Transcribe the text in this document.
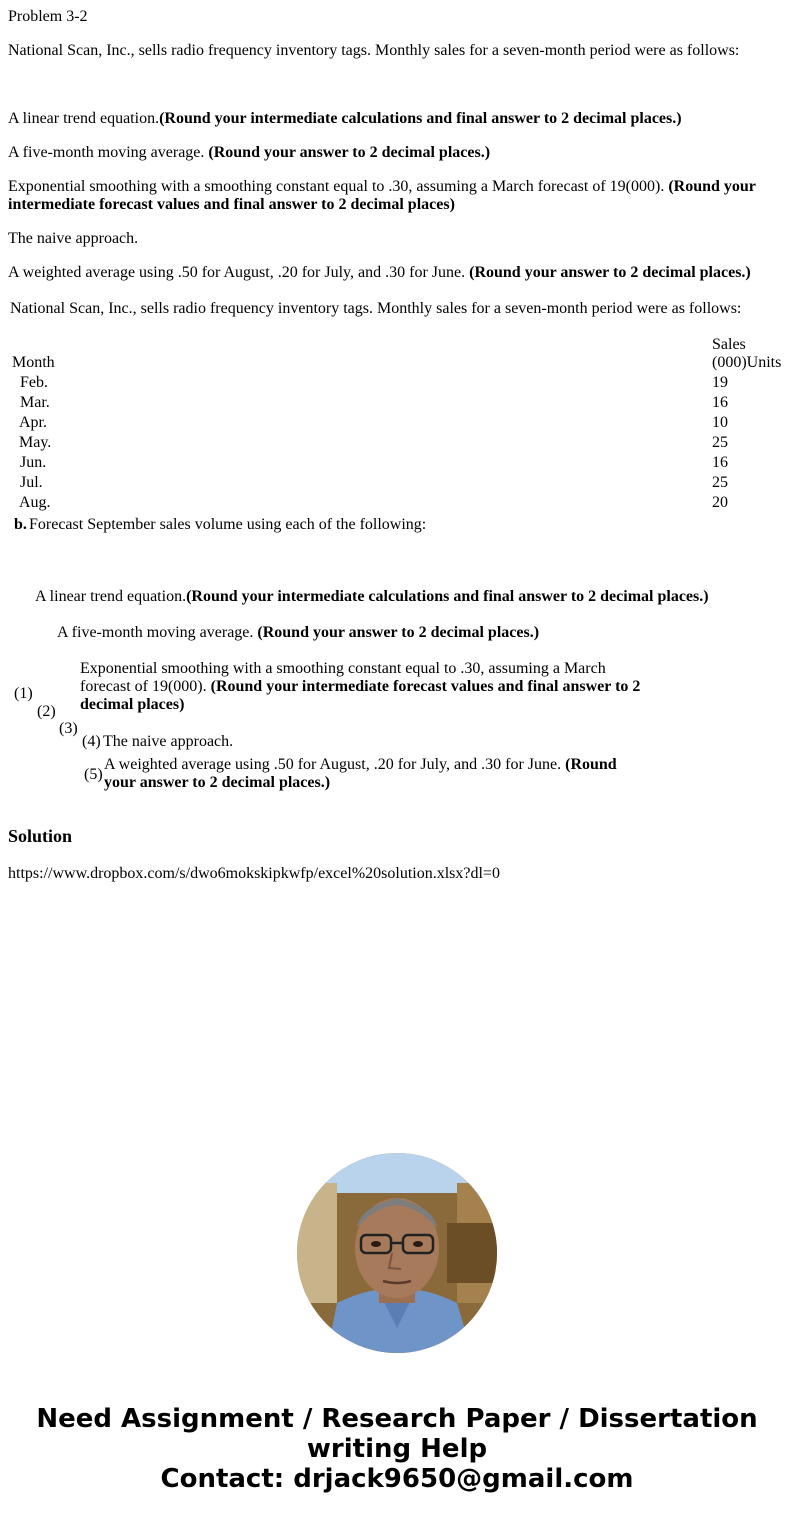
Problem 3-2
National Scan, Inc., sells radio frequency inventory tags. Monthly sales for a seven-month period were as follows:
A linear trend equation.(Round your intermediate calculations and final answer to 2 decimal places.)
A five-month moving average. (Round your answer to 2 decimal places.)
Exponential smoothing with a smoothing constant equal to .30, assuming a March forecast of 19(000). (Round your intermediate forecast values and final answer to 2 decimal places)
The naive approach.
A weighted average using .50 for August, .20 for July, and .30 for June. (Round your answer to 2 decimal places.)
National Scan, Inc., sells radio frequency inventory tags. Monthly sales for a seven-month period were as follows:
Sales
(000)Units
Month
Feb.	19
Mar.	16
Apr.	10
May.	25
Jun.	16
Jul.	25
Aug.	20
b. Forecast September sales volume using each of the following:
A linear trend equation.(Round your intermediate calculations and final answer to 2 decimal places.)
A five-month moving average. (Round your answer to 2 decimal places.)
Exponential smoothing with a smoothing constant equal to .30, assuming a March forecast of 19(000). (Round your intermediate forecast values and final answer to 2 decimal places)
(1)
(2)
(3)
(4) The naive approach.
(5)
A weighted average using .50 for August, .20 for July, and .30 for June. (Round your answer to 2 decimal places.)
Solution
https://www.dropbox.com/s/dwo6mokskipkwfp/excel%20solution.xlsx?dl=0
Need Assignment / Research Paper / Dissertation
writing Help
Contact: drjack9650@gmail.com
